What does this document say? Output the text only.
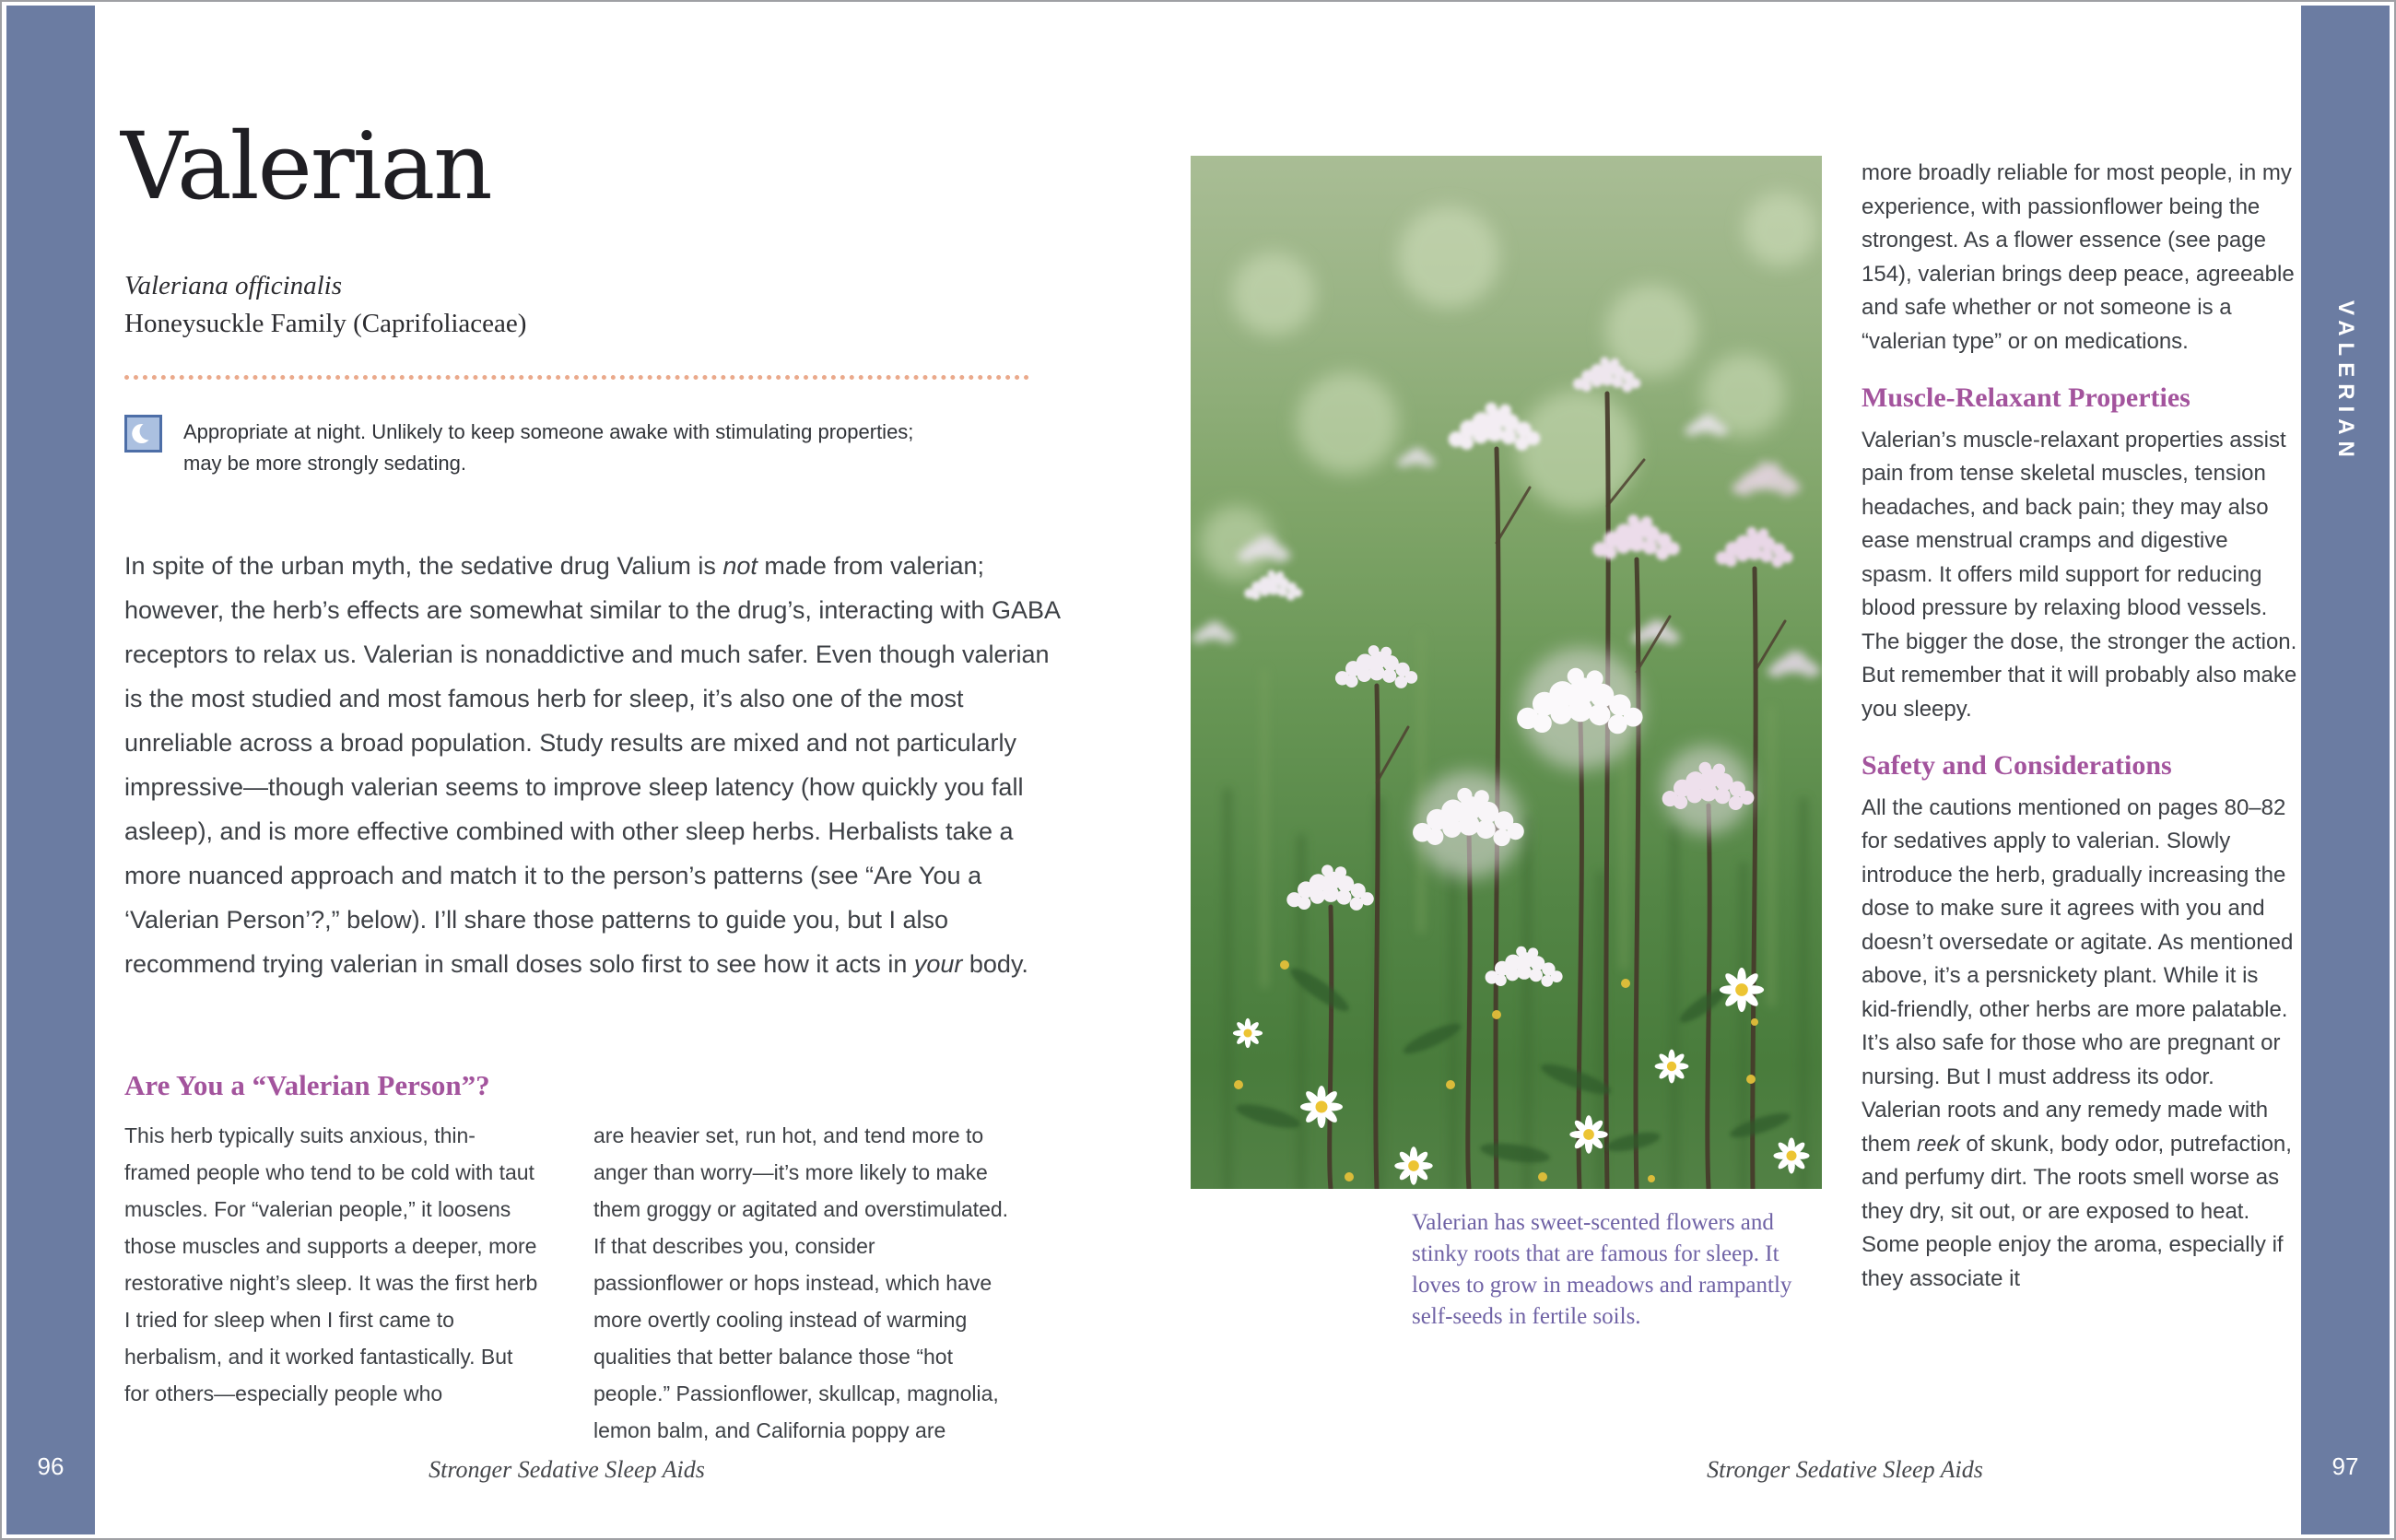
96
VALERIAN
97
Valerian
Valeriana officinalis
Honeysuckle Family (Caprifoliaceae)
Appropriate at night. Unlikely to keep someone awake with stimulating properties;
may be more strongly sedating.
In spite of the urban myth, the sedative drug Valium is not made from valerian; however, the herb’s effects are somewhat similar to the drug’s, interacting with GABA receptors to relax us. Valerian is nonaddictive and much safer. Even though valerian is the most studied and most famous herb for sleep, it’s also one of the most unreliable across a broad population. Study results are mixed and not particularly impressive—though valerian seems to improve sleep latency (how quickly you fall asleep), and is more effective combined with other sleep herbs. Herbalists take a more nuanced approach and match it to the person’s patterns (see “Are You a ‘Valerian Person’?,” below). I’ll share those patterns to guide you, but I also recommend trying valerian in small doses solo first to see how it acts in your body.
Are You a “Valerian Person”?
This herb typically suits anxious, thin-framed people who tend to be cold with taut muscles. For “valerian people,” it loosens those muscles and supports a deeper, more restorative night’s sleep. It was the first herb I tried for sleep when I first came to herbalism, and it worked fantastically. But for others—especially people who
are heavier set, run hot, and tend more to anger than worry—it’s more likely to make them groggy or agitated and overstimulated. If that describes you, consider passionflower or hops instead, which have more overtly cooling instead of warming qualities that better balance those “hot people.” Passionflower, skullcap, magnolia, lemon balm, and California poppy are
Stronger Sedative Sleep Aids
Valerian has sweet-scented flowers and stinky roots that are famous for sleep. It loves to grow in meadows and rampantly self-seeds in fertile soils.

more broadly reliable for most people, in my experience, with passionflower being the strongest. As a flower essence (see page 154), valerian brings deep peace, agreeable and safe whether or not someone is a “valerian type” or on medications.

Muscle-Relaxant Properties

Valerian’s muscle-relaxant properties assist pain from tense skeletal muscles, tension headaches, and back pain; they may also ease menstrual cramps and digestive spasm. It offers mild support for reducing blood pressure by relaxing blood vessels. The bigger the dose, the stronger the action. But remember that it will probably also make you sleepy.

Safety and Considerations

All the cautions mentioned on pages 80–82 for sedatives apply to valerian. Slowly introduce the herb, gradually increasing the dose to make sure it agrees with you and doesn’t oversedate or agitate. As mentioned above, it’s a persnickety plant. While it is kid-friendly, other herbs are more palatable. It’s also safe for those who are pregnant or nursing. But I must address its odor. Valerian roots and any remedy made with them reek of skunk, body odor, putrefaction, and perfumy dirt. The roots smell worse as they dry, sit out, or are exposed to heat. Some people enjoy the aroma, especially if they associate it

Stronger Sedative Sleep Aids
